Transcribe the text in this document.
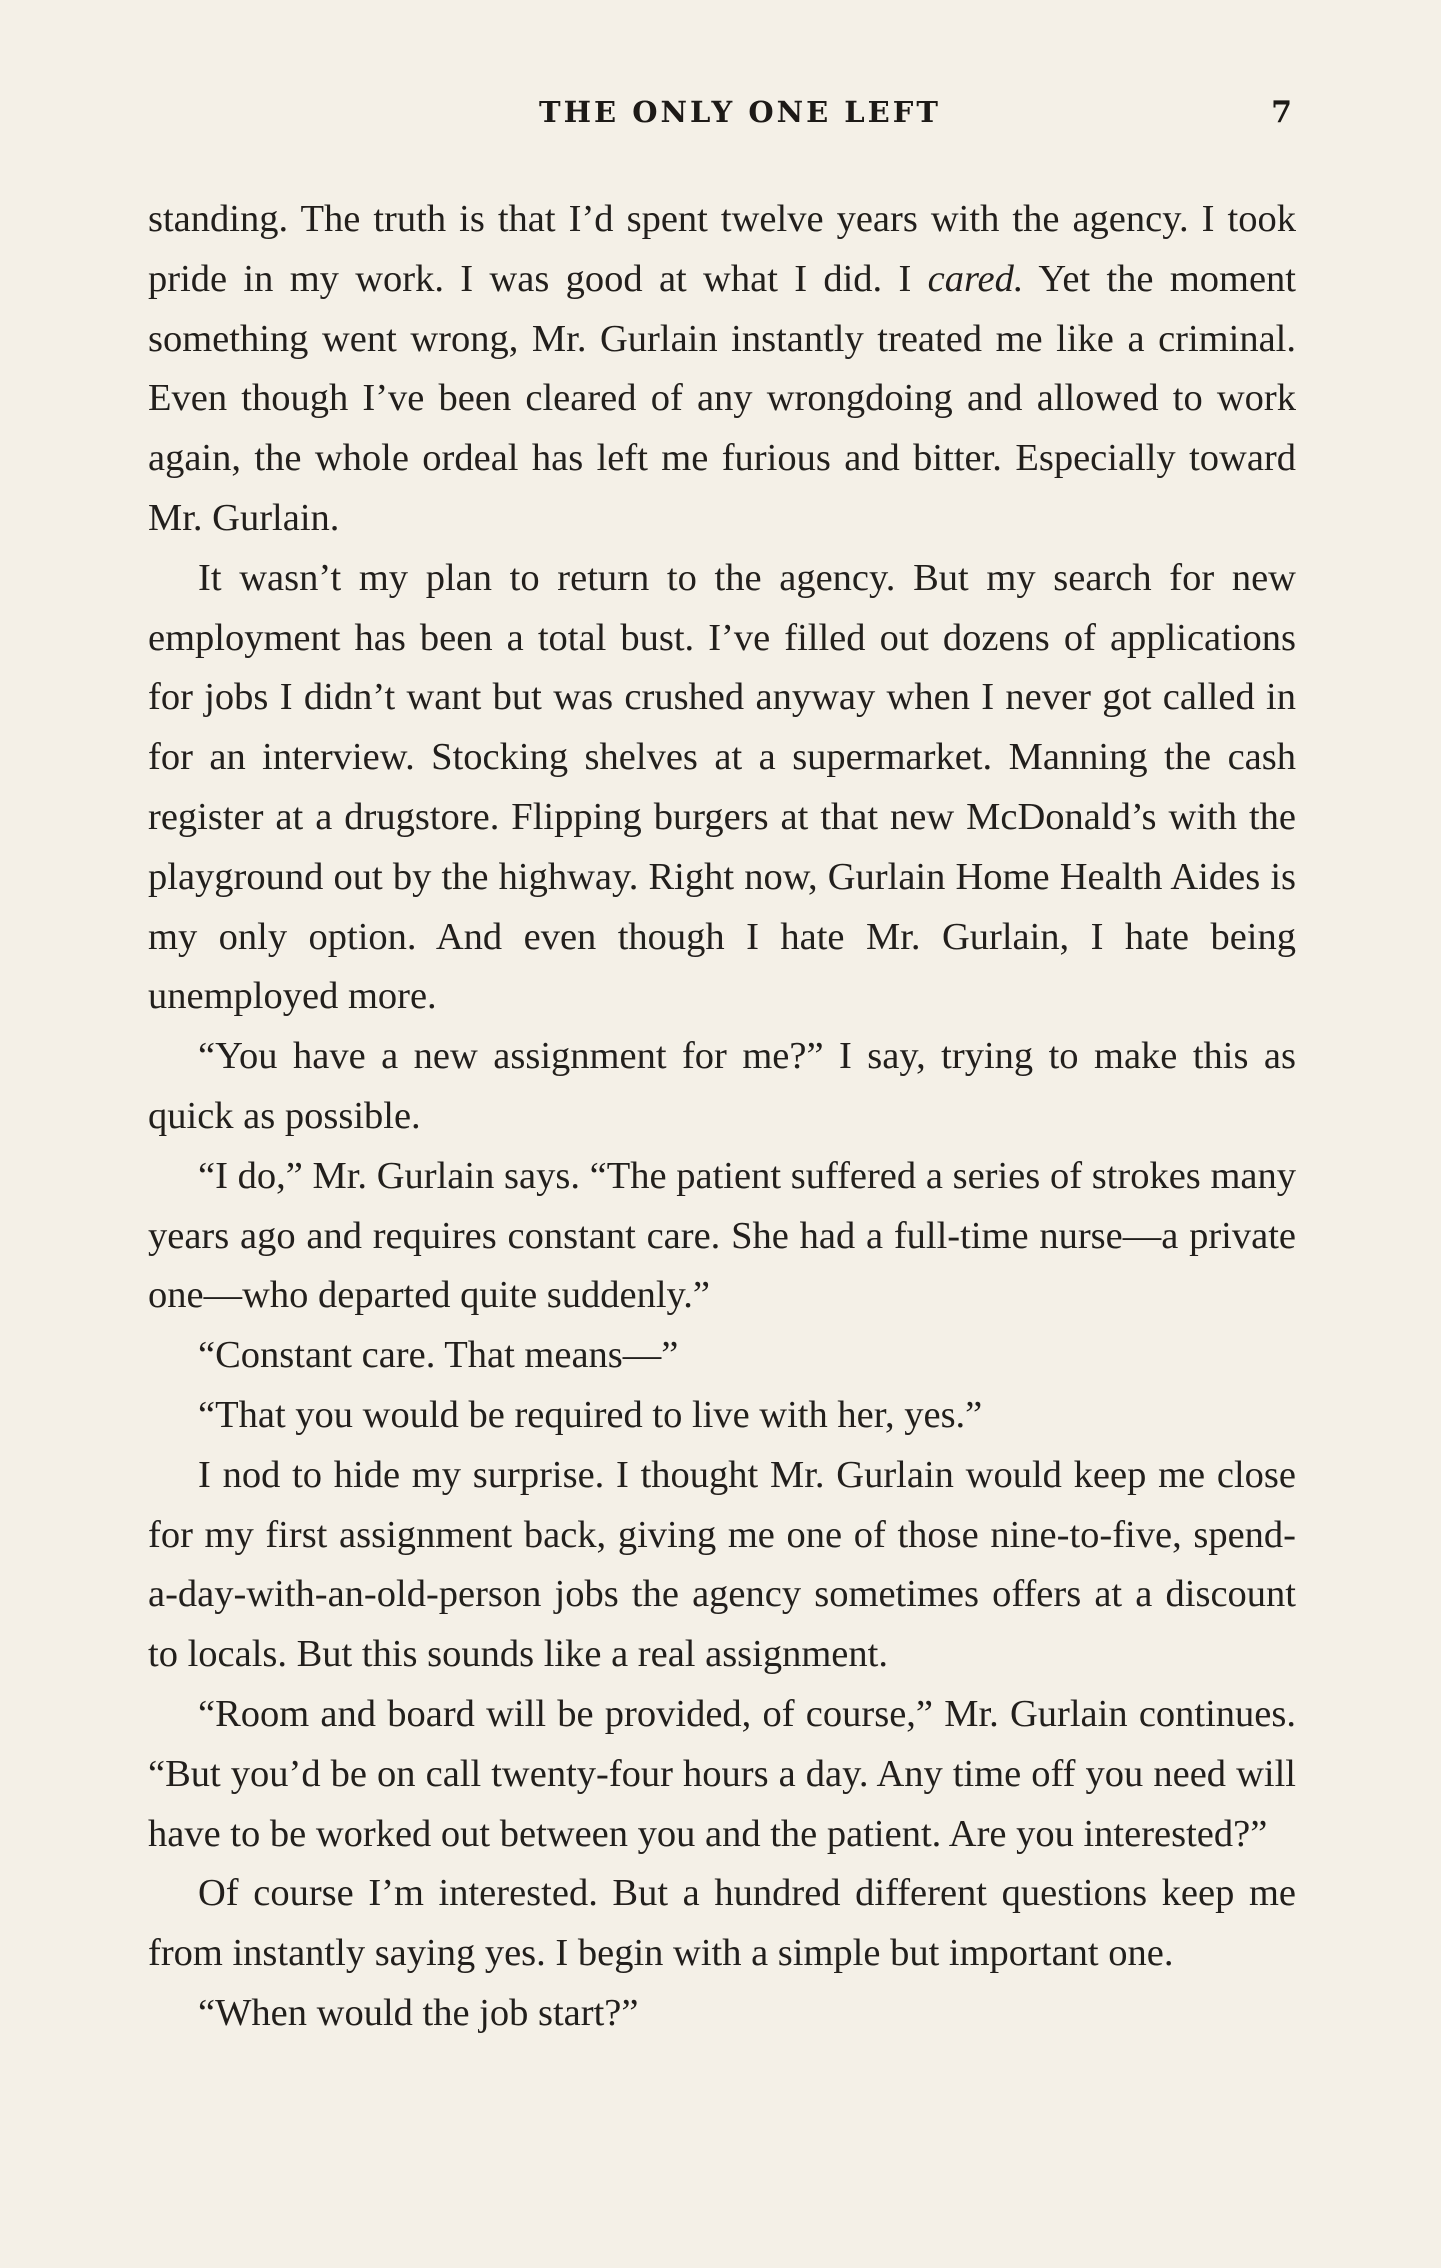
THE ONLY ONE LEFT	7

standing. The truth is that I’d spent twelve years with the agency. I took pride in my work. I was good at what I did. I cared. Yet the moment something went wrong, Mr. Gurlain instantly treated me like a criminal. Even though I’ve been cleared of any wrongdoing and allowed to work again, the whole ordeal has left me furious and bitter. Especially toward Mr. Gurlain.

It wasn’t my plan to return to the agency. But my search for new employment has been a total bust. I’ve filled out dozens of applications for jobs I didn’t want but was crushed anyway when I never got called in for an interview. Stocking shelves at a supermarket. Manning the cash register at a drugstore. Flipping burgers at that new McDonald’s with the playground out by the highway. Right now, Gurlain Home Health Aides is my only option. And even though I hate Mr. Gurlain, I hate being unemployed more.

“You have a new assignment for me?” I say, trying to make this as quick as possible.

“I do,” Mr. Gurlain says. “The patient suffered a series of strokes many years ago and requires constant care. She had a full-time nurse—a private one—who departed quite suddenly.”

“Constant care. That means—”

“That you would be required to live with her, yes.”

I nod to hide my surprise. I thought Mr. Gurlain would keep me close for my first assignment back, giving me one of those nine-to-five, spend-a-day-with-an-old-person jobs the agency sometimes offers at a discount to locals. But this sounds like a real assignment.

“Room and board will be provided, of course,” Mr. Gurlain continues. “But you’d be on call twenty-four hours a day. Any time off you need will have to be worked out between you and the patient. Are you interested?”

Of course I’m interested. But a hundred different questions keep me from instantly saying yes. I begin with a simple but important one.

“When would the job start?”
